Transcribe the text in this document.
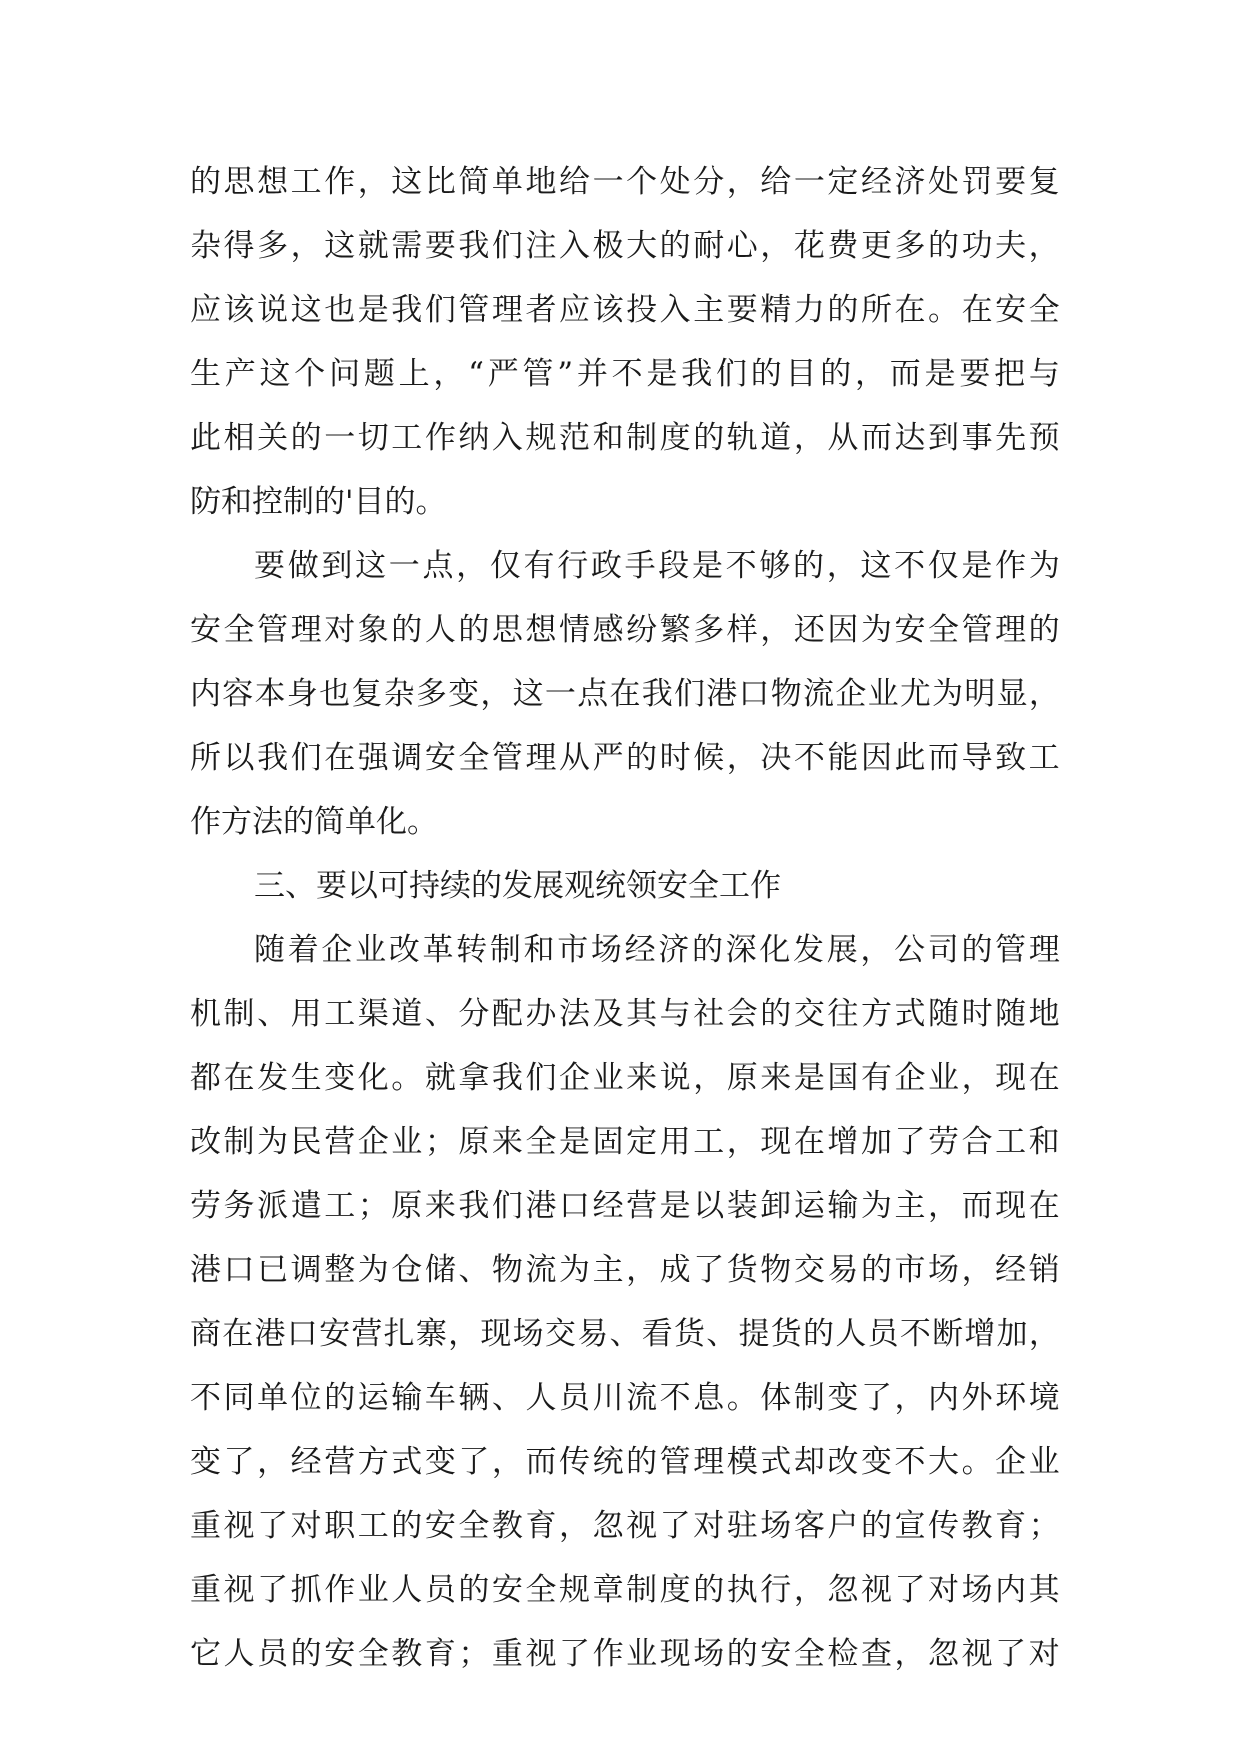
的 思 想 工 作 ， 这 比 简 单 地 给 一 个 处 分 ， 给 一 定 经 济 处 罚 要 复
杂 得 多 ， 这 就 需 要 我 们 注 入 极 大 的 耐 心 ， 花 费 更 多 的 功 夫 ，
应 该 说 这 也 是 我 们 管 理 者 应 该 投 入 主 要 精 力 的 所 在 。 在 安 全
生 产 这 个 问 题 上 ， “ 严 管 ” 并 不 是 我 们 的 目 的 ， 而 是 要 把 与
此 相 关 的 一 切 工 作 纳 入 规 范 和 制 度 的 轨 道 ， 从 而 达 到 事 先 预
防和控制的'目的。
要 做 到 这 一 点 ， 仅 有 行 政 手 段 是 不 够 的 ， 这 不 仅 是 作 为
安 全 管 理 对 象 的 人 的 思 想 情 感 纷 繁 多 样 ， 还 因 为 安 全 管 理 的
内 容 本 身 也 复 杂 多 变 ， 这 一 点 在 我 们 港 口 物 流 企 业 尤 为 明 显 ，
所 以 我 们 在 强 调 安 全 管 理 从 严 的 时 候 ， 决 不 能 因 此 而 导 致 工
作方法的简单化。
三、要以可持续的发展观统领安全工作
随 着 企 业 改 革 转 制 和 市 场 经 济 的 深 化 发 展 ， 公 司 的 管 理
机 制 、 用 工 渠 道 、 分 配 办 法 及 其 与 社 会 的 交 往 方 式 随 时 随 地
都 在 发 生 变 化 。 就 拿 我 们 企 业 来 说 ， 原 来 是 国 有 企 业 ， 现 在
改 制 为 民 营 企 业 ； 原 来 全 是 固 定 用 工 ， 现 在 增 加 了 劳 合 工 和
劳 务 派 遣 工 ； 原 来 我 们 港 口 经 营 是 以 装 卸 运 输 为 主 ， 而 现 在
港 口 已 调 整 为 仓 储 、 物 流 为 主 ， 成 了 货 物 交 易 的 市 场 ， 经 销
商 在 港 口 安 营 扎 寨 ， 现 场 交 易 、 看 货 、 提 货 的 人 员 不 断 增 加 ，
不 同 单 位 的 运 输 车 辆 、 人 员 川 流 不 息 。 体 制 变 了 ， 内 外 环 境
变 了 ， 经 营 方 式 变 了 ， 而 传 统 的 管 理 模 式 却 改 变 不 大 。 企 业
重 视 了 对 职 工 的 安 全 教 育 ， 忽 视 了 对 驻 场 客 户 的 宣 传 教 育 ；
重 视 了 抓 作 业 人 员 的 安 全 规 章 制 度 的 执 行 ， 忽 视 了 对 场 内 其
它 人 员 的 安 全 教 育 ； 重 视 了 作 业 现 场 的 安 全 检 查 ， 忽 视 了 对
